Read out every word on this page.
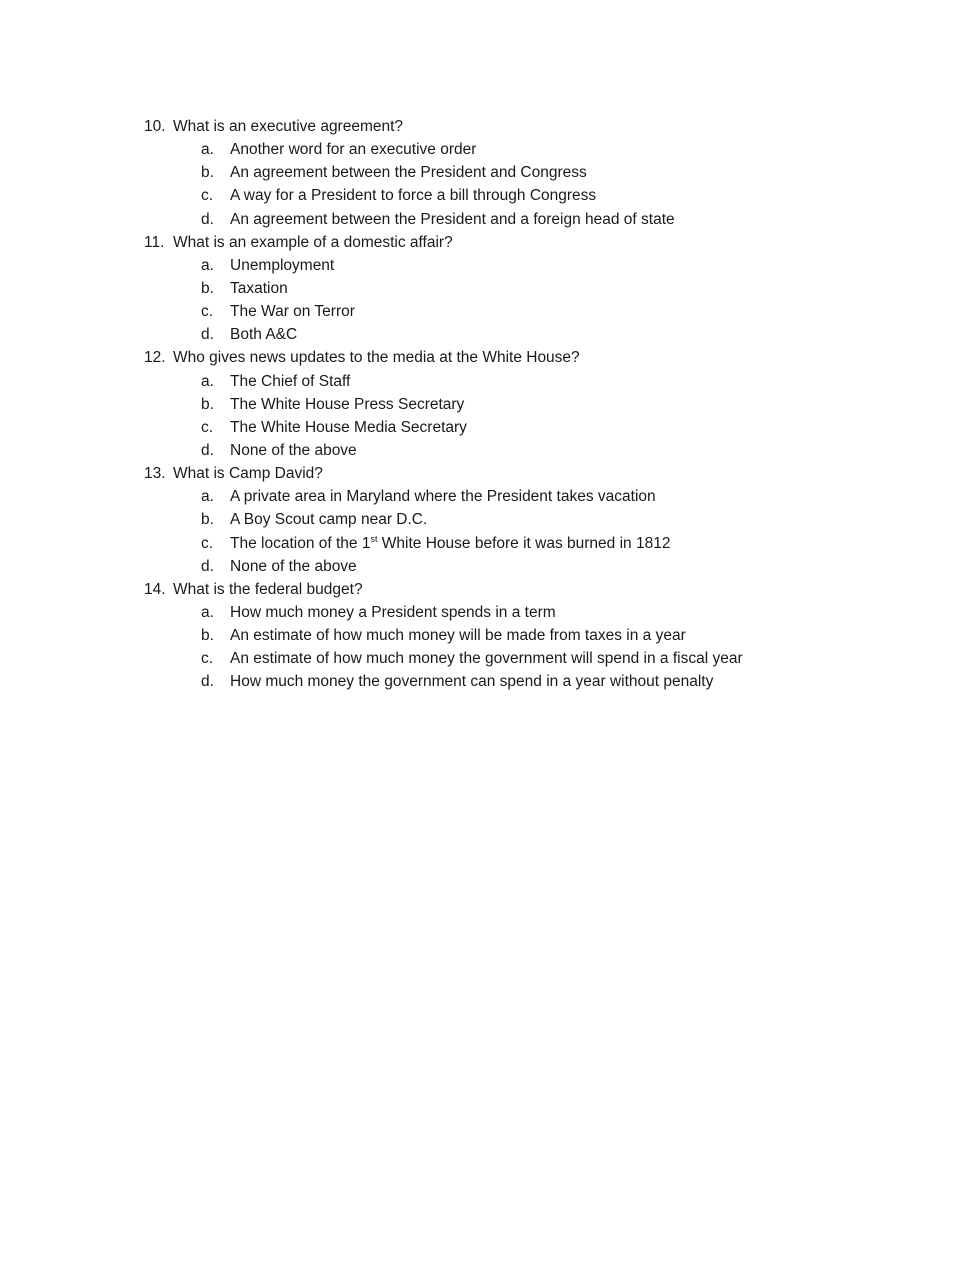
10. What is an executive agreement?
a.	Another word for an executive order
b.	An agreement between the President and Congress
c.	A way for a President to force a bill through Congress
d.	An agreement between the President and a foreign head of state
11. What is an example of a domestic affair?
a.	Unemployment
b.	Taxation
c.	The War on Terror
d.	Both A&C
12. Who gives news updates to the media at the White House?
a.	The Chief of Staff
b.	The White House Press Secretary
c.	The White House Media Secretary
d.	None of the above
13. What is Camp David?
a.	A private area in Maryland where the President takes vacation
b.	A Boy Scout camp near D.C.
c.	The location of the 1st White House before it was burned in 1812
d.	None of the above
14. What is the federal budget?
a.	How much money a President spends in a term
b.	An estimate of how much money will be made from taxes in a year
c.	An estimate of how much money the government will spend in a fiscal year
d.	How much money the government can spend in a year without penalty
